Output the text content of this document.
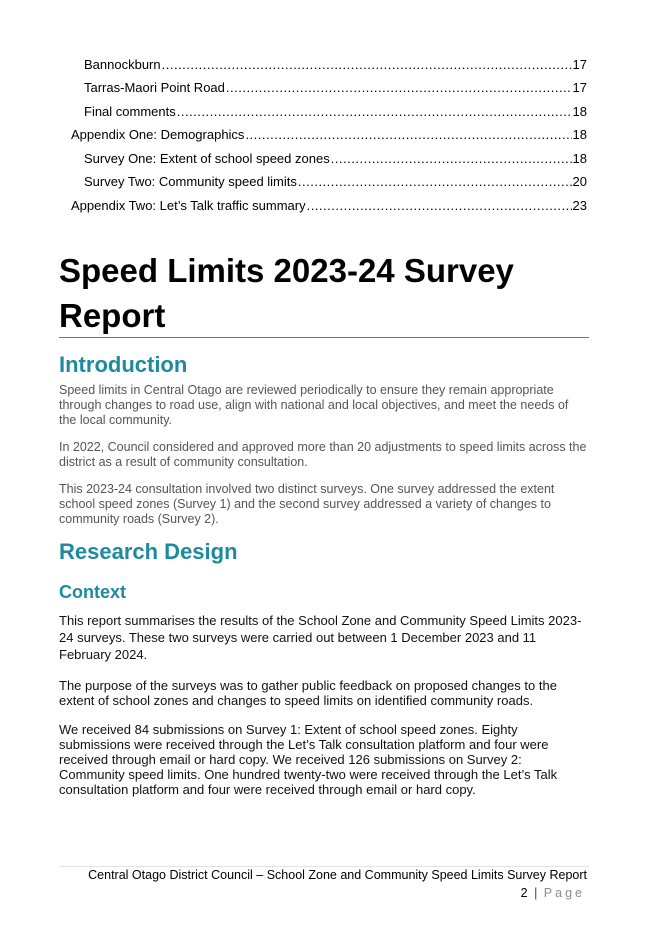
Bannockburn .....	17
Tarras-Maori Point Road .....	17
Final comments .....	18
Appendix One: Demographics .....	18
Survey One: Extent of school speed zones .....	18
Survey Two: Community speed limits .....	20
Appendix Two: Let’s Talk traffic summary .....	23
Speed Limits 2023-24 Survey Report
Introduction

Speed limits in Central Otago are reviewed periodically to ensure they remain appropriate through changes to road use, align with national and local objectives, and meet the needs of the local community.

In 2022, Council considered and approved more than 20 adjustments to speed limits across the district as a result of community consultation.

This 2023-24 consultation involved two distinct surveys. One survey addressed the extent school speed zones (Survey 1) and the second survey addressed a variety of changes to community roads (Survey 2).

Research Design
Context

This report summarises the results of the School Zone and Community Speed Limits 2023-24 surveys. These two surveys were carried out between 1 December 2023 and 11 February 2024.

The purpose of the surveys was to gather public feedback on proposed changes to the extent of school zones and changes to speed limits on identified community roads.

We received 84 submissions on Survey 1: Extent of school speed zones. Eighty submissions were received through the Let’s Talk consultation platform and four were received through email or hard copy. We received 126 submissions on Survey 2: Community speed limits. One hundred twenty-two were received through the Let’s Talk consultation platform and four were received through email or hard copy.

Central Otago District Council – School Zone and Community Speed Limits Survey Report
2 | Page
